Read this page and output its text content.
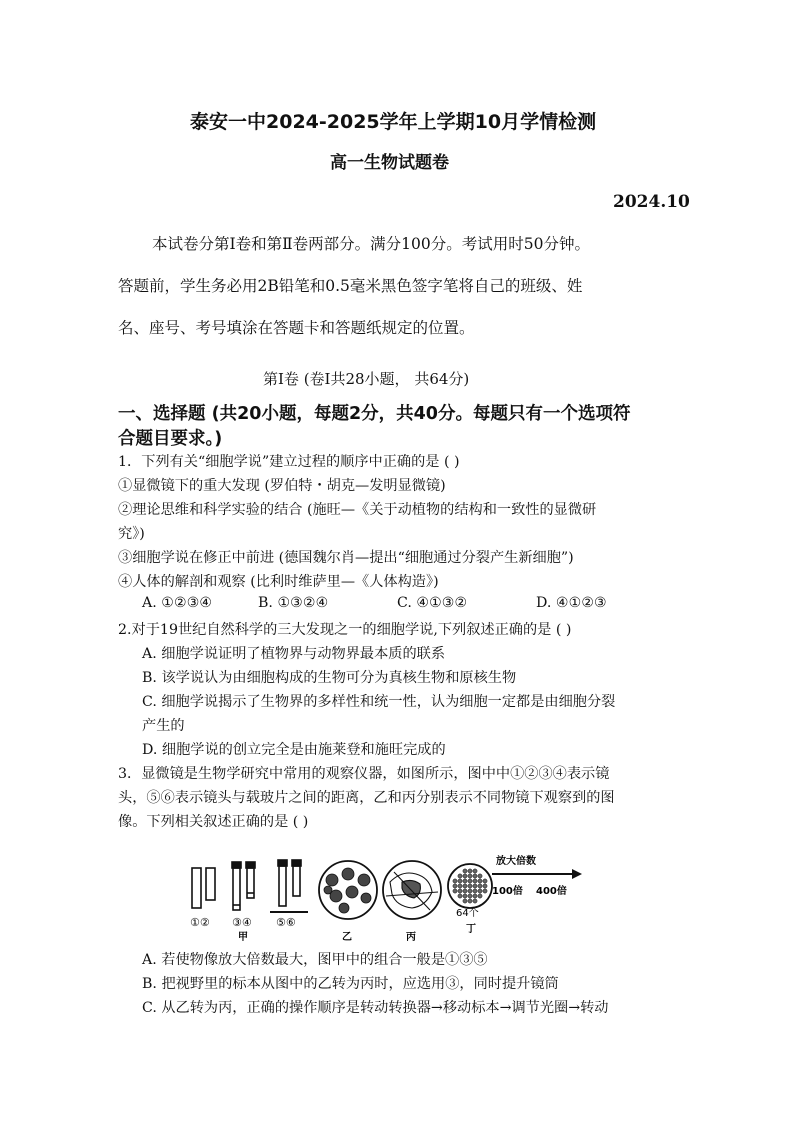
泰安一中2024-2025学年上学期10月学情检测
高一生物试题卷
2024.10
本试卷分第Ⅰ卷和第Ⅱ卷两部分。满分100分。考试用时50分钟。
答题前，学生务必用2B铅笔和0.5毫米黑色签字笔将自己的班级、姓
名、座号、考号填涂在答题卡和答题纸规定的位置。
第Ⅰ卷 (卷Ⅰ共28小题， 共64分)
一、选择题 (共20小题，每题2分，共40分。每题只有一个选项符
合题目要求。)
1．下列有关“细胞学说”建立过程的顺序中正确的是 ( )
①显微镜下的重大发现 (罗伯特・胡克—发明显微镜)
②理论思维和科学实验的结合 (施旺—《关于动植物的结构和一致性的显微研
究》)
③细胞学说在修正中前进 (德国魏尔肖—提出“细胞通过分裂产生新细胞”)
④人体的解剖和观察 (比利时维萨里—《人体构造》)
A. ①②③④	B. ①③②④	C. ④①③②	D. ④①②③
2.对于19世纪自然科学的三大发现之一的细胞学说,下列叙述正确的是 ( )
A. 细胞学说证明了植物界与动物界最本质的联系
B. 该学说认为由细胞构成的生物可分为真核生物和原核生物
C. 细胞学说揭示了生物界的多样性和统一性，认为细胞一定都是由细胞分裂
产生的
D. 细胞学说的创立完全是由施莱登和施旺完成的
3．显微镜是生物学研究中常用的观察仪器，如图所示，图中中①②③④表示镜
头，⑤⑥表示镜头与载玻片之间的距离，乙和丙分别表示不同物镜下观察到的图
像。下列相关叙述正确的是 ( )
①② ③④ ⑤⑥
甲	乙	丙
64个
丁
放大倍数
100倍 400倍
A. 若使物像放大倍数最大，图甲中的组合一般是①③⑤
B. 把视野里的标本从图中的乙转为丙时，应选用③，同时提升镜筒
C. 从乙转为丙，正确的操作顺序是转动转换器→移动标本→调节光圈→转动
